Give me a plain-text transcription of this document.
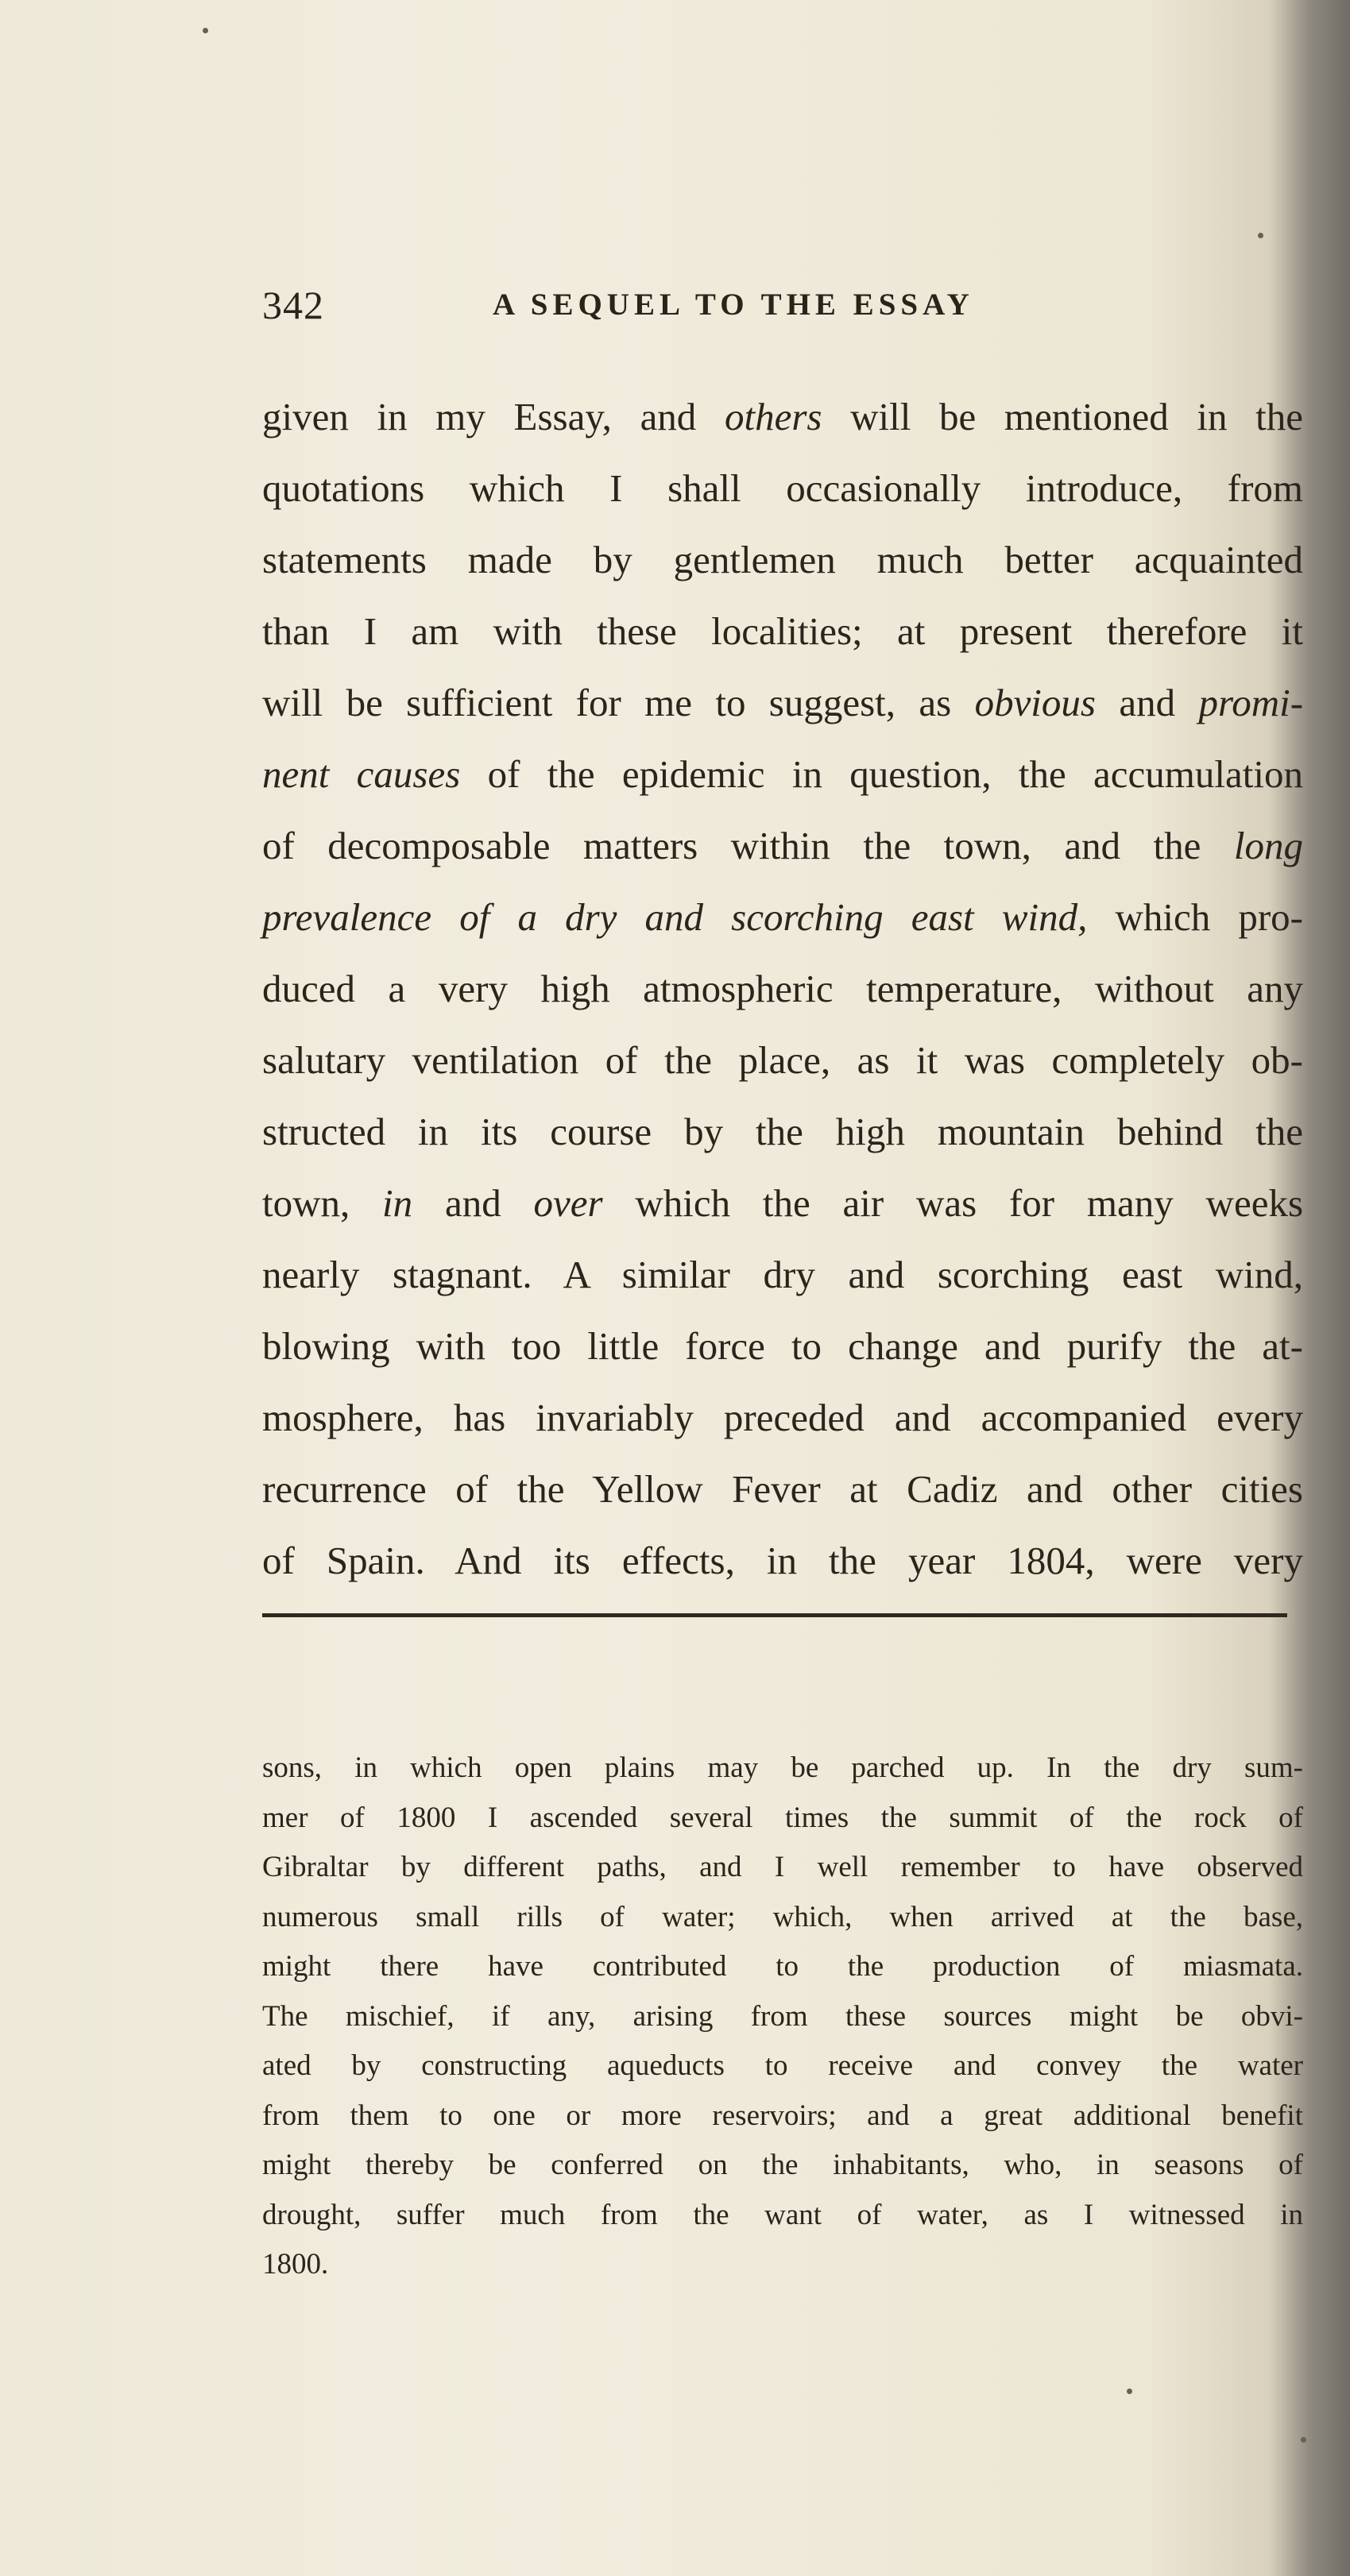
342	A SEQUEL TO THE ESSAY
given in my Essay, and others will be mentioned in the
quotations which I shall occasionally introduce, from
statements made by gentlemen much better acquainted
than I am with these localities; at present therefore it
will be sufficient for me to suggest, as obvious and promi-
nent causes of the epidemic in question, the accumulation
of decomposable matters within the town, and the long
prevalence of a dry and scorching east wind, which pro-
duced a very high atmospheric temperature, without any
salutary ventilation of the place, as it was completely ob-
structed in its course by the high mountain behind the
town, in and over which the air was for many weeks
nearly stagnant. A similar dry and scorching east wind,
blowing with too little force to change and purify the at-
mosphere, has invariably preceded and accompanied every
recurrence of the Yellow Fever at Cadiz and other cities
of Spain. And its effects, in the year 1804, were very
sons, in which open plains may be parched up. In the dry sum-
mer of 1800 I ascended several times the summit of the rock of
Gibraltar by different paths, and I well remember to have observed
numerous small rills of water; which, when arrived at the base,
might there have contributed to the production of miasmata.
The mischief, if any, arising from these sources might be obvi-
ated by constructing aqueducts to receive and convey the water
from them to one or more reservoirs; and a great additional benefit
might thereby be conferred on the inhabitants, who, in seasons of
drought, suffer much from the want of water, as I witnessed in
1800.
